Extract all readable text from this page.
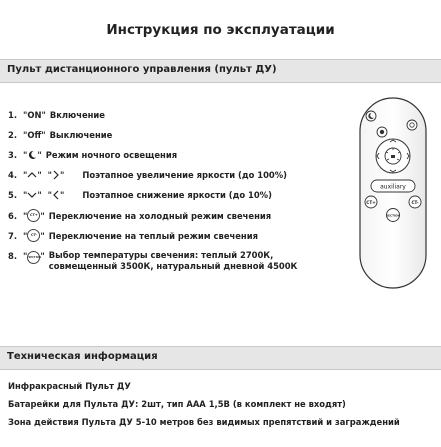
Инструкция по эксплуатации
Пульт дистанционного управления (пульт ДУ)
1. "ON" Включение
2. "Off" Выключение
3. " " Режим ночного освещения
4. " "  " " Поэтапное увеличение яркости (до 100%)
5. " "  " " Поэтапное снижение яркости (до 10%)
6. " CT+ " Переключение на холодный режим свечения
7. " CT- " Переключение на теплый режим свечения
8. " SECTION " Выбор температуры свечения: теплый 2700К, совмещенный 3500К, натуральный дневной 4500К
auxiliary
CT+	CT-
SECTION
Техническая информация
Инфракрасный Пульт ДУ
Батарейки для Пульта ДУ: 2шт, тип ААА 1,5В (в комплект не входят)
Зона действия Пульта ДУ 5-10 метров без видимых препятствий и заграждений
